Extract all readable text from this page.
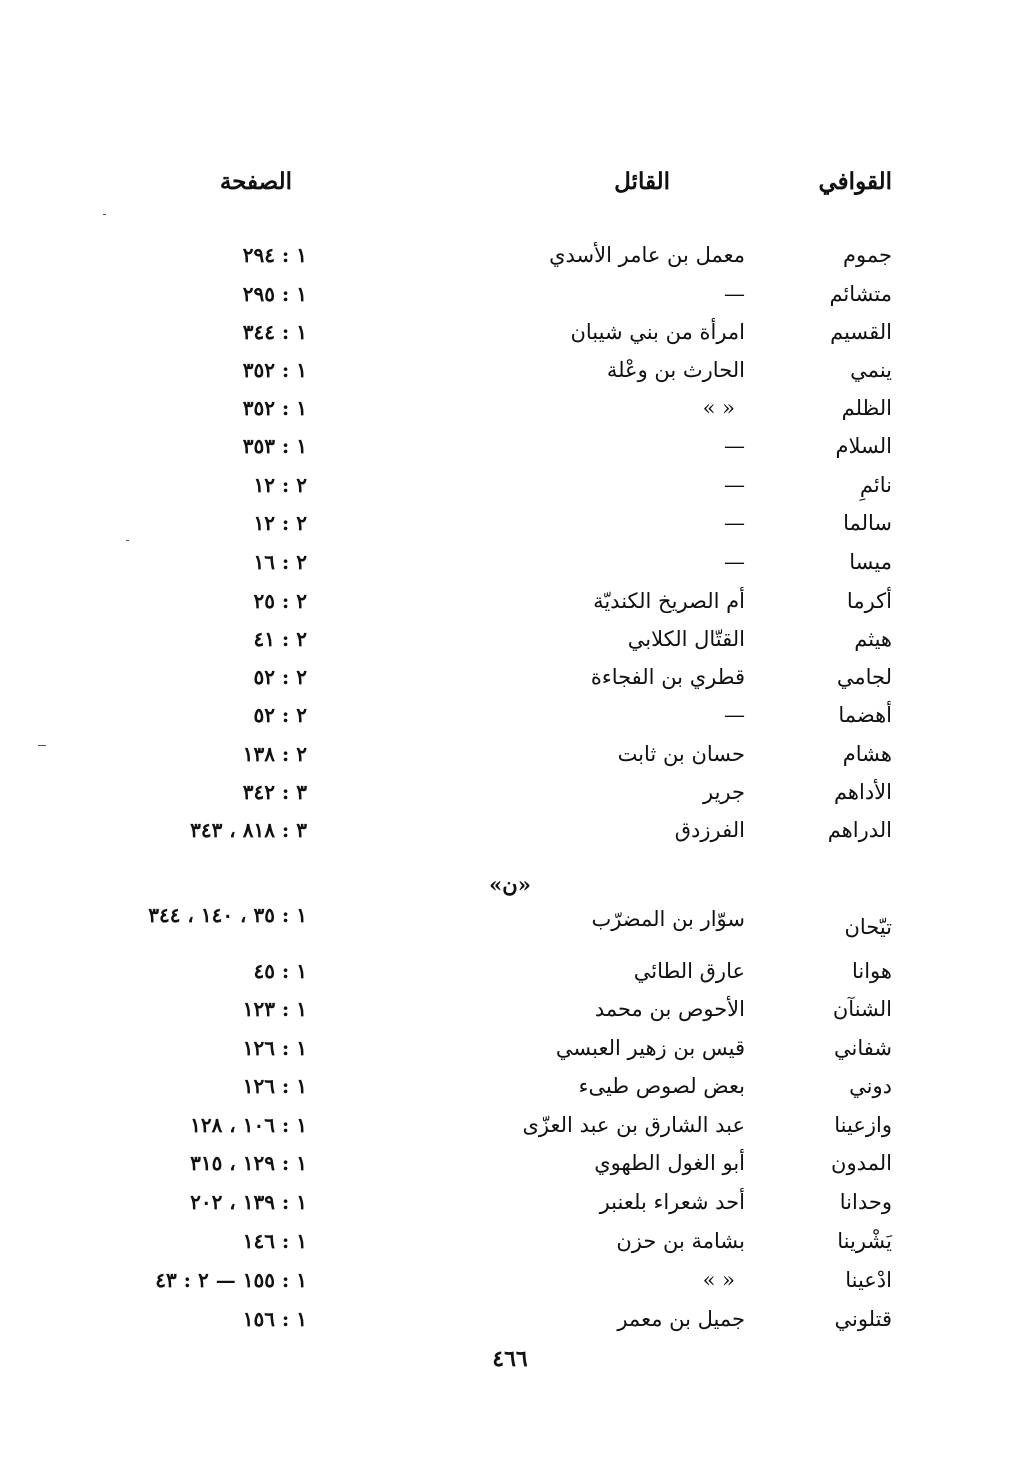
القوافي
القائل
الصفحة
جموم
معمل بن عامر الأسدي
١ : ٢٩٤
متشائم
—
١ : ٢٩٥
القسيم
امرأة من بني شيبان
١ : ٣٤٤
ينمي
الحارث بن وعْلة
١ : ٣٥٢
الظلم
« »
١ : ٣٥٢
السلام
—
١ : ٣٥٣
نائمِ
—
٢ : ١٢
سالما
—
٢ : ١٢
ميسا
—
٢ : ١٦
أكرما
أم الصريخ الكنديّة
٢ : ٢٥
هيثم
القتّال الكلابي
٢ : ٤١
لجامي
قطري بن الفجاءة
٢ : ٥٢
أهضما
—
٢ : ٥٢
هشام
حسان بن ثابت
٢ : ١٣٨
الأداهم
جرير
٣ : ٣٤٢
الدراهم
الفرزدق
٣ : ٨١٨ ، ٣٤٣
«ن»
تيّحان
سوّار بن المضرّب
١ : ٣٥ ، ١٤٠ ، ٣٤٤
هوانا
عارق الطائي
١ : ٤٥
الشنآن
الأحوص بن محمد
١ : ١٢٣
شفاني
قيس بن زهير العبسي
١ : ١٢٦
دوني
بعض لصوص طيىء
١ : ١٢٦
وازعينا
عبد الشارق بن عبد العزّى
١ : ١٠٦ ، ١٢٨
المدون
أبو الغول الطهوي
١ : ١٢٩ ، ٣١٥
وحدانا
أحد شعراء بلعنبر
١ : ١٣٩ ، ٢٠٢
يَشْرينا
بشامة بن حزن
١ : ١٤٦
ادْعينا
« »
١ : ١٥٥ — ٢ : ٤٣
قتلوني
جميل بن معمر
١ : ١٥٦
٤٦٦
